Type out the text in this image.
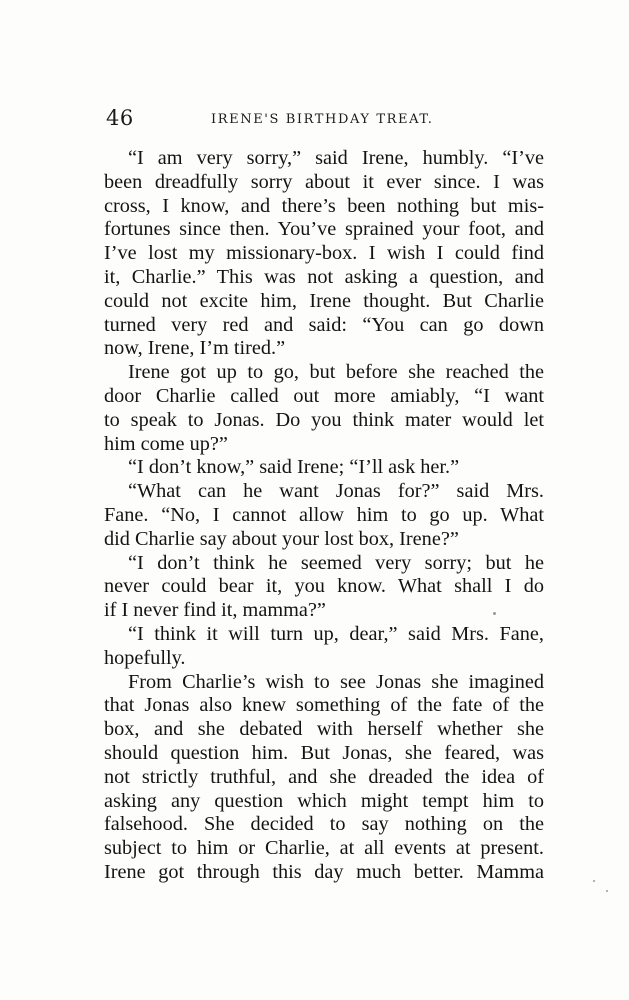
46	IRENE'S BIRTHDAY TREAT.
“I am very sorry,” said Irene, humbly. “I’ve
been dreadfully sorry about it ever since. I was
cross, I know, and there’s been nothing but mis-
fortunes since then. You’ve sprained your foot, and
I’ve lost my missionary-box. I wish I could find
it, Charlie.” This was not asking a question, and
could not excite him, Irene thought. But Charlie
turned very red and said: “You can go down
now, Irene, I’m tired.”
Irene got up to go, but before she reached the
door Charlie called out more amiably, “I want
to speak to Jonas. Do you think mater would let
him come up?”
“I don’t know,” said Irene; “I’ll ask her.”
“What can he want Jonas for?” said Mrs.
Fane. “No, I cannot allow him to go up. What
did Charlie say about your lost box, Irene?”
“I don’t think he seemed very sorry; but he
never could bear it, you know. What shall I do
if I never find it, mamma?”
“I think it will turn up, dear,” said Mrs. Fane,
hopefully.
From Charlie’s wish to see Jonas she imagined
that Jonas also knew something of the fate of the
box, and she debated with herself whether she
should question him. But Jonas, she feared, was
not strictly truthful, and she dreaded the idea of
asking any question which might tempt him to
falsehood. She decided to say nothing on the
subject to him or Charlie, at all events at present.
Irene got through this day much better. Mamma
